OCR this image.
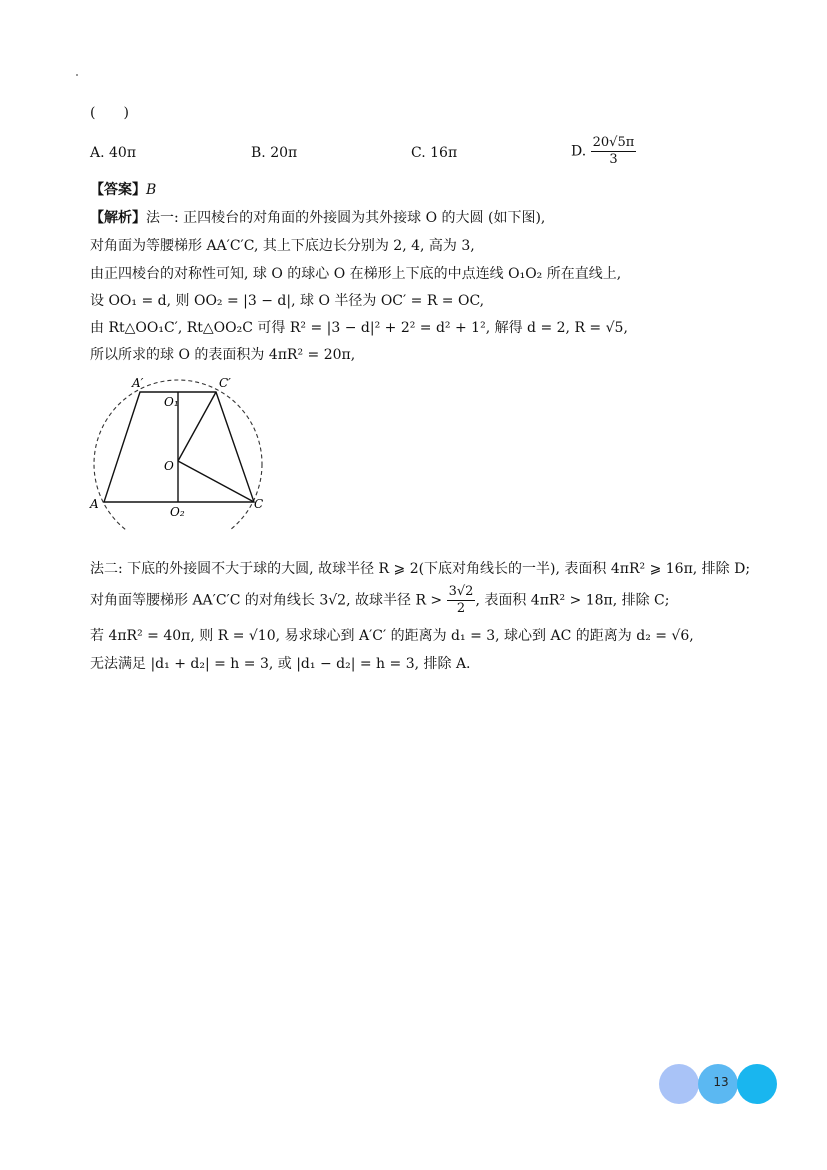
(　　)
A. 40π	B. 20π	C. 16π	D. $\frac{20√5\pi}{3}$
【答案】B
【解析】法一: 正四棱台的对角面的外接圆为其外接球 O 的大圆 (如下图),
对角面为等腰梯形 AA′C′C, 其上下底边长分别为 2, 4, 高为 3,
由正四棱台的对称性可知, 球 O 的球心 O 在梯形上下底的中点连线 O₁O₂ 所在直线上,
设 OO₁ = d, 则 OO₂ = |3 − d|, 球 O 半径为 OC′ = R = OC,
由 Rt△OO₁C′, Rt△OO₂C 可得 R² = |3 − d|² + 2² = d² + 1², 解得 d = 2, R = √5,
所以所求的球 O 的表面积为 4πR² = 20π,
A′	C′
O₁
O
A	C
O₂
法二: 下底的外接圆不大于球的大圆, 故球半径 R ⩾ 2(下底对角线长的一半), 表面积 4πR² ⩾ 16π, 排除 D;
对角面等腰梯形 AA′C′C 的对角线长 3√2, 故球半径 $R > \frac{3√2}{2}$ , 表面积 4πR² > 18π, 排除 C;
若 4πR² = 40π, 则 R = √10, 易求球心到 A′C′ 的距离为 d₁ = 3, 球心到 AC 的距离为 d₂ = √6,
无法满足 |d₁ + d₂| = h = 3, 或 |d₁ − d₂| = h = 3, 排除 A.
13
